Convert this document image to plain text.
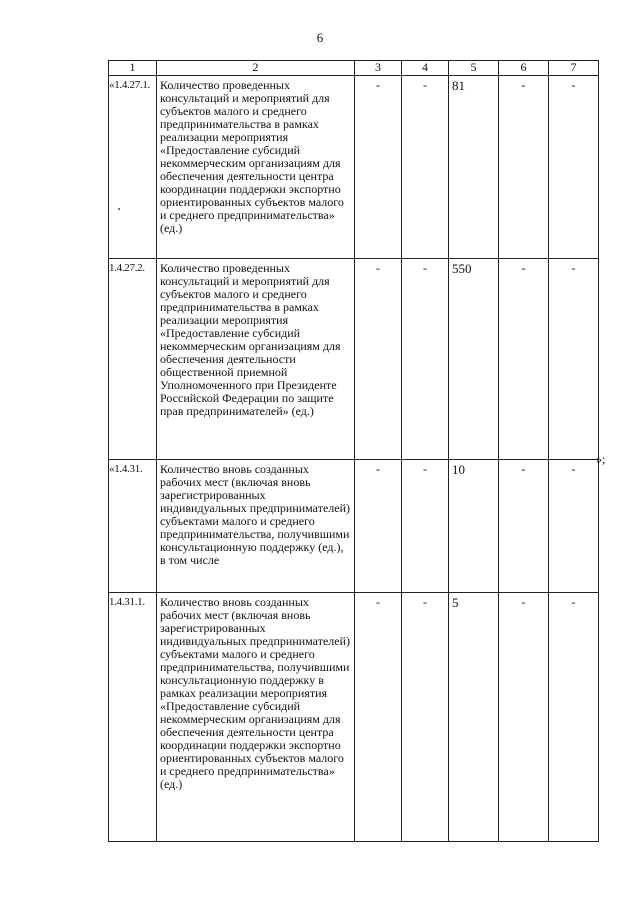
6
1	2	3	4	5	6	7
«1.4.27.1.	Количество проведенных консультаций и мероприятий для субъектов малого и среднего предпринимательства в рамках реализации мероприятия «Предоставление субсидий некоммерческим организациям для обеспечения деятельности центра координации поддержки экспортно ориентированных субъектов малого и среднего предпринимательства» (ед.)	-	-	81	-	-
1.4.27.2.	Количество проведенных консультаций и мероприятий для субъектов малого и среднего предпринимательства в рамках реализации мероприятия «Предоставление субсидий некоммерческим организациям для обеспечения деятельности общественной приемной Уполномоченного при Президенте Российской Федерации по защите прав предпринимателей» (ед.)	-	-	550	-	-
«1.4.31.	Количество вновь созданных рабочих мест (включая вновь зарегистрированных индивидуальных предпринимателей) субъектами малого и среднего предпринимательства, получившими консультационную поддержку (ед.), в том числе	-	-	10	-	-
1.4.31.1.	Количество вновь созданных рабочих мест (включая вновь зарегистрированных индивидуальных предпринимателей) субъектами малого и среднего предпринимательства, получившими консультационную поддержку в рамках реализации мероприятия «Предоставление субсидий некоммерческим организациям для обеспечения деятельности центра координации поддержки экспортно ориентированных субъектов малого и среднего предпринимательства» (ед.)	-	-	5	-	-
»;
